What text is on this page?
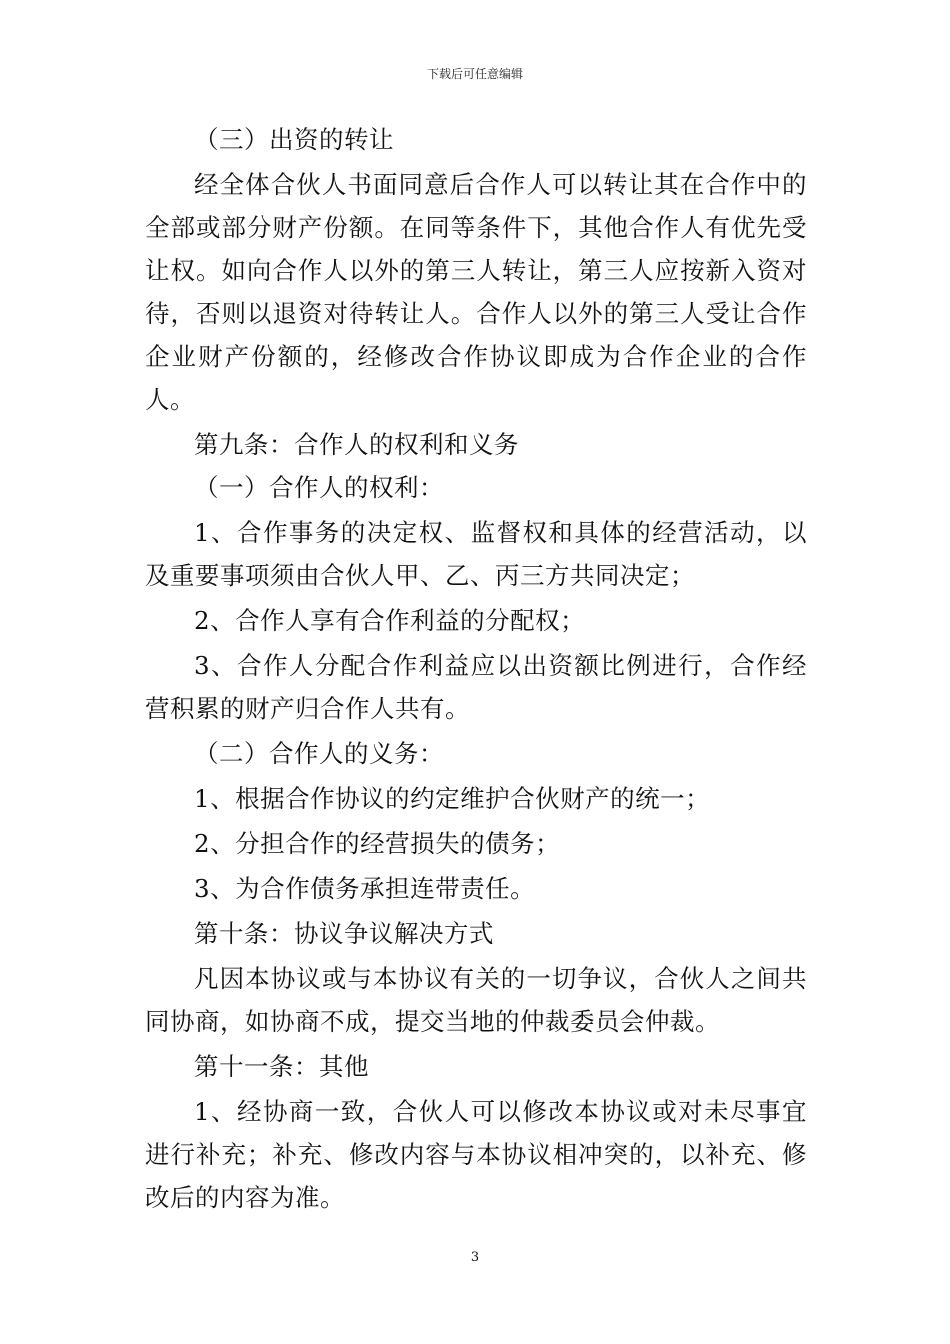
下载后可任意编辑

（三）出资的转让

经全体合伙人书面同意后合作人可以转让其在合作中的全部或部分财产份额。在同等条件下，其他合作人有优先受让权。如向合作人以外的第三人转让，第三人应按新入资对待，否则以退资对待转让人。合作人以外的第三人受让合作企业财产份额的，经修改合作协议即成为合作企业的合作人。

第九条：合作人的权利和义务

（一）合作人的权利：

1、合作事务的决定权、监督权和具体的经营活动，以及重要事项须由合伙人甲、乙、丙三方共同决定；

2、合作人享有合作利益的分配权；

3、合作人分配合作利益应以出资额比例进行，合作经营积累的财产归合作人共有。

（二）合作人的义务：

1、根据合作协议的约定维护合伙财产的统一；

2、分担合作的经营损失的债务；

3、为合作债务承担连带责任。

第十条：协议争议解决方式

凡因本协议或与本协议有关的一切争议，合伙人之间共同协商，如协商不成，提交当地的仲裁委员会仲裁。

第十一条：其他

1、经协商一致，合伙人可以修改本协议或对未尽事宜进行补充；补充、修改内容与本协议相冲突的，以补充、修改后的内容为准。

3
